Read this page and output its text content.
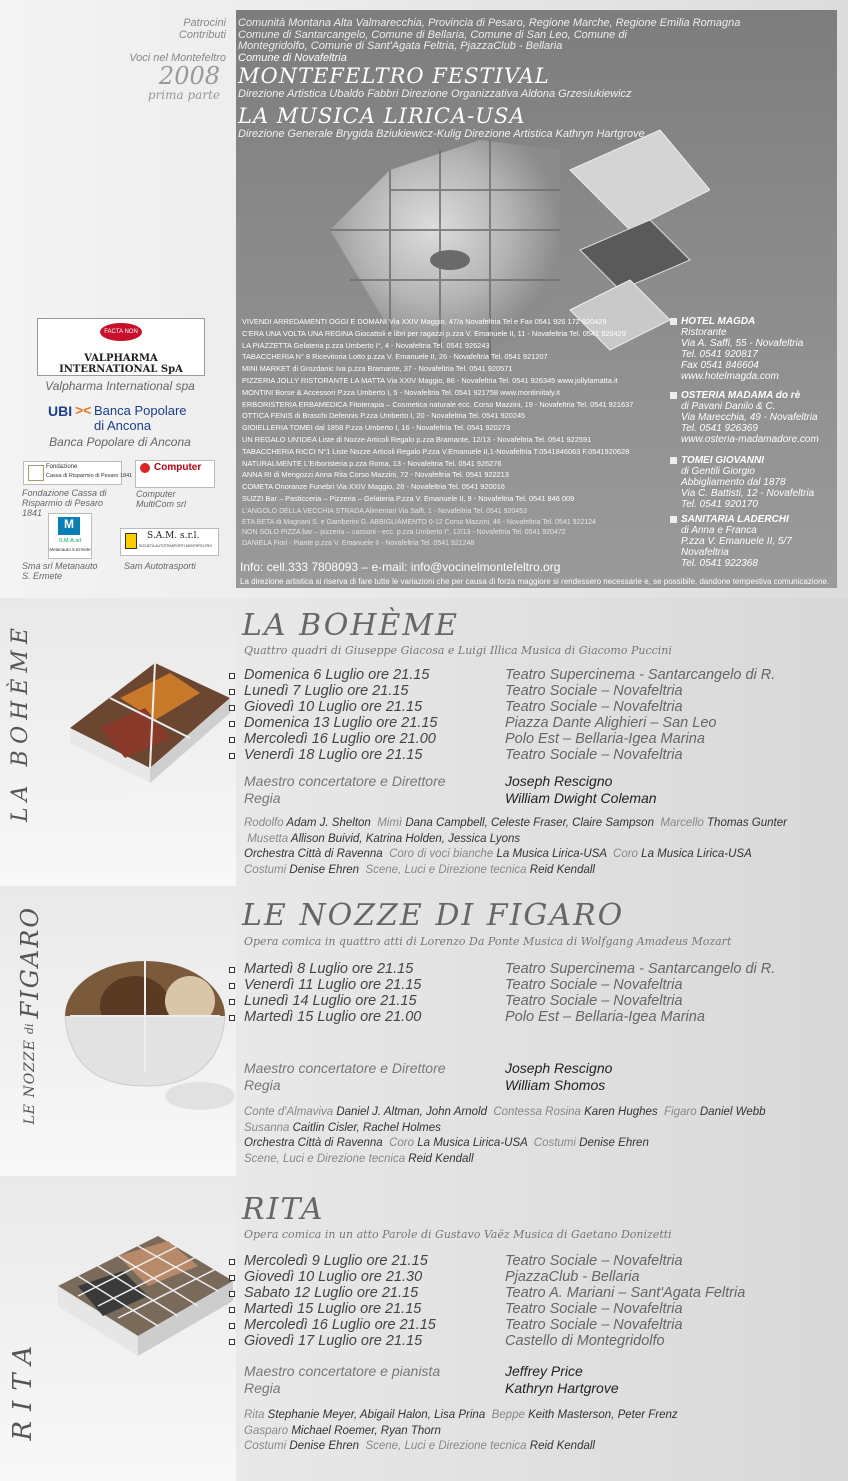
Patrocini
Contributi
Comunità Montana Alta Valmarecchia, Provincia di Pesaro, Regione Marche, Regione Emilia Romagna
Comune di Santarcangelo, Comune di Bellaria, Comune di San Leo, Comune di
Montegridolfo, Comune di Sant'Agata Feltria, PjazzaClub - Bellaria
Voci nel Montefeltro Comune di Novafeltria
2008
prima parte
MONTEFELTRO FESTIVAL
Direzione Artistica Ubaldo Fabbri Direzione Organizzativa Aldona Grzesiukiewicz
LA MUSICA LIRICA-USA
Direzione Generale Brygida Bziukiewicz-Kulig Direzione Artistica Kathryn Hartgrove
FACTA NON VERBA
VALPHARMA INTERNATIONAL SpA
Valpharma International spa
UBI >< Banca Popolare
di Ancona
Banca Popolare di Ancona
Fondazione
Cassa di Risparmio di Pesaro 1841
Fondazione Cassa di
Risparmio di Pesaro 1841
Computer
Computer
MultiCom srl
M
S.M.A.srl
Metanauto S.Ermete
Sma srl Metanauto
S. Ermete
S.A.M. s.r.l.
SOCIETÀ AUTOTRASPORTI MONTEFELTRO
Sam Autotrasporti
VIVENDI ARREDAMENTI OGGI E DOMANI Via XXIV Maggio, 47/a Novafeltria Tel e Fax 0541 926 172 920429
C'ERA UNA VOLTA UNA REGINA Giocattoli e libri per ragazzi p.zza V. Emanuele II, 11 - Novafeltria Tel. 0541 920429
LA PIAZZETTA Gelateria p.zza Umberto I°, 4 - Novafeltria Tel. 0541 926243
TABACCHERIA N° 8 Ricevitoria Lotto p.zza V. Emanuele II, 26 - Novafeltria Tel. 0541 921207
MINI MARKET di Grozdanic Iva p.zza Bramante, 37 - Novafeltria Tel. 0541 920571
PIZZERIA JOLLY RISTORANTE LA MATTA Via XXIV Maggio, 86 - Novafeltria Tel. 0541 926345 www.jollylamatta.it
MONTINI Borse & Accessori P.zza Umberto I, 5 - Novafeltria Tel. 0541 921758 www.montiniitaly.it
ERBORISTERIA ERBAMEDICA Fitoterapia – Cosmetica naturale ecc. Corso Mazzini, 19 - Novafeltria Tel. 0541 921637
OTTICA FENIS di Braschi Defennis P.zza Umberto I, 20 - Novafeltria Tel. 0541 920245
GIOIELLERIA TOMEI dal 1858 P.zza Umberto I, 16 - Novafeltria Tel. 0541 920273
UN REGALO UN'IDEA Liste di Nozze Articoli Regalo p.zza Bramante, 12/13 - Novafeltria Tel. 0541 922591
TABACCHERIA RICCI N°1 Liste Nozze Articoli Regalo P.zza V.Emanuele II,1-Novafeltria T.0541846063 F.0541920628
NATURALMENTE L'Erboristeria p.zza Roma, 13 - Novafeltria Tel. 0541 926276
ANNA RI di Mengozzi Anna Rita Corso Mazzini, 72 - Novafeltria Tel. 0541 922213
COMETA Onoranze Funebri Via XXIV Maggio, 28 - Novafeltria Tel. 0541 920016
SUZZI Bar – Pasticceria – Pizzeria – Gelateria P.zza V. Emanuele II, 9 - Novafeltria Tel. 0541 846 009
L'ANGOLO DELLA VECCHIA STRADA Alimentari Via Saffi, 1 - Novafeltria Tel. 0541 920453
ETA BETA di Magnani S. e Gamberini G. ABBIGLIAMENTO 0-12 Corso Mazzini, 46 - Novafeltria Tel. 0541 922124
NON SOLO PIZZA bar – pizzeria – cassoni - ecc. p.zza Umberto I°, 12/13 - Novafeltria Tel. 0541 920472
DANIELA Fiori - Piante p.zza V. Emanuele II - Novafeltria Tel. 0541 921248
HOTEL MAGDA
Ristorante
Via A. Saffi, 55 - Novafeltria
Tel. 0541 920817
Fax 0541 846604
www.hotelmagda.com
OSTERIA MADAMA do rè
di Pavani Danilo & C.
Via Marecchia, 49 - Novafeltria
Tel. 0541 926369
www.osteria-madamadore.com
TOMEI GIOVANNI
di Gentili Giorgio
Abbigliamento dal 1878
Via C. Battisti, 12 - Novafeltria
Tel. 0541 920170
SANITARIA LADERCHI
di Anna e Franca
P.zza V. Emanuele II, 5/7
Novafeltria
Tel. 0541 922368
Info: cell.333 7808093 – e-mail: info@vocinelmontefeltro.org
La direzione artistica si riserva di fare tutte le variazioni che per causa di forza maggiore si rendessero necessarie e, se possibile, dandone tempestiva comunicazione.
LA BOHÈME	LA BOHÈME
Quattro quadri di Giuseppe Giacosa e Luigi Illica Musica di Giacomo Puccini
Domenica 6 Luglio ore 21.15	Teatro Supercinema - Santarcangelo di R.
Lunedì 7 Luglio ore 21.15	Teatro Sociale – Novafeltria
Giovedì 10 Luglio ore 21.15	Teatro Sociale – Novafeltria
Domenica 13 Luglio ore 21.15	Piazza Dante Alighieri – San Leo
Mercoledì 16 Luglio ore 21.00	Polo Est – Bellaria-Igea Marina
Venerdì 18 Luglio ore 21.15	Teatro Sociale – Novafeltria
Maestro concertatore e Direttore	Joseph Rescigno
Regia	William Dwight Coleman
Rodolfo Adam J. Shelton Mimì Dana Campbell, Celeste Fraser, Claire Sampson Marcello Thomas Gunter  Musetta Allison Buivid, Katrina Holden, Jessica Lyons
Orchestra Città di Ravenna Coro di voci bianche La Musica Lirica-USA Coro La Musica Lirica-USA
Costumi Denise Ehren Scene, Luci e Direzione tecnica Reid Kendall
LE NOZZE di FIGARO	LE NOZZE DI FIGARO
Opera comica in quattro atti di Lorenzo Da Ponte Musica di Wolfgang Amadeus Mozart
Martedì 8 Luglio ore 21.15	Teatro Supercinema - Santarcangelo di R.
Venerdì 11 Luglio ore 21.15	Teatro Sociale – Novafeltria
Lunedì 14 Luglio ore 21.15	Teatro Sociale – Novafeltria
Martedì 15 Luglio ore 21.00	Polo Est – Bellaria-Igea Marina
Maestro concertatore e Direttore	Joseph Rescigno
Regia	William Shomos
Conte d'Almaviva Daniel J. Altman, John Arnold Contessa Rosina Karen Hughes Figaro Daniel Webb
Susanna Caitlin Cisler, Rachel Holmes
Orchestra Città di Ravenna Coro La Musica Lirica-USA Costumi Denise Ehren
Scene, Luci e Direzione tecnica Reid Kendall
RITA
RITA
Opera comica in un atto Parole di Gustavo Vaëz Musica di Gaetano Donizetti
Mercoledì 9 Luglio ore 21.15	Teatro Sociale – Novafeltria
Giovedì 10 Luglio ore 21.30	PjazzaClub - Bellaria
Sabato 12 Luglio ore 21.15	Teatro A. Mariani – Sant'Agata Feltria
Martedì 15 Luglio ore 21.15	Teatro Sociale – Novafeltria
Mercoledì 16 Luglio ore 21.15	Teatro Sociale – Novafeltria
Giovedì 17 Luglio ore 21.15	Castello di Montegridolfo
Maestro concertatore e pianista	Jeffrey Price
Regia	Kathryn Hartgrove
Rita Stephanie Meyer, Abigail Halon, Lisa Prina Beppe Keith Masterson, Peter Frenz
Gasparo Michael Roemer, Ryan Thorn
Costumi Denise Ehren Scene, Luci e Direzione tecnica Reid Kendall
